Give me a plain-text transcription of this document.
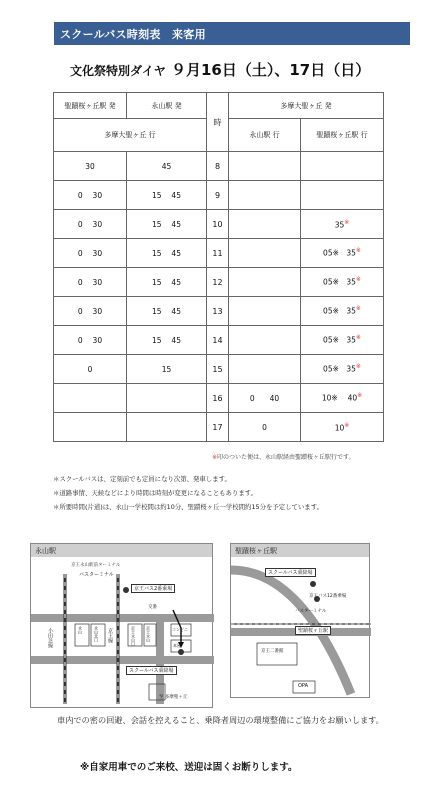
スクールバス時刻表　来客用
文化祭特別ダイヤ ９月16日（土）、17日（日）
聖蹟桜ヶ丘駅 発	永山駅 発	時	多摩大聖ヶ丘 発	
多摩大聖ヶ丘 行			永山駅 行	聖蹟桜ヶ丘駅 行
30	45	8		
0　 30	15　 45	9		
0　 30	15　 45	10		35※
0　 30	15　 45	11		05※　35※
0　 30	15　 45	12		05※　35※
0　 30	15　 45	13		05※　35※
0　 30	15　 45	14		05※　35※
0	15	15		05※　35※
		16	0　　40	10※　 40※
		17	0	10※
※印のついた便は、永山駅経由聖蹟桜ヶ丘駅行です。
＊スクールバスは、定刻前でも定員になり次第、発車します。
＊道路事情、天候などにより時間は時刻が変更になることもあります。
＊所要時間(片道)は、永山一学校間は約10分、聖蹟桜ヶ丘一学校間約15分を予定しています。
永山駅
京王永山駅前ターミナル
バスターミナル
京王バス2番乗場
交番
小田急線	京王線
永山	永山北口	京王永山口	京王永山	コンビニ
本屋
スクールバス乗降場
至 多摩聖ヶ丘
聖蹟桜ヶ丘駅
スクールバス乗降場
京王バス12番乗場
バスターミナル
聖蹟桜ヶ丘駅
京王二番館
OPA
車内での密の回避、会話を控えること、乗降者周辺の環境整備にご協力をお願いします。
※自家用車でのご来校、送迎は固くお断りします。
